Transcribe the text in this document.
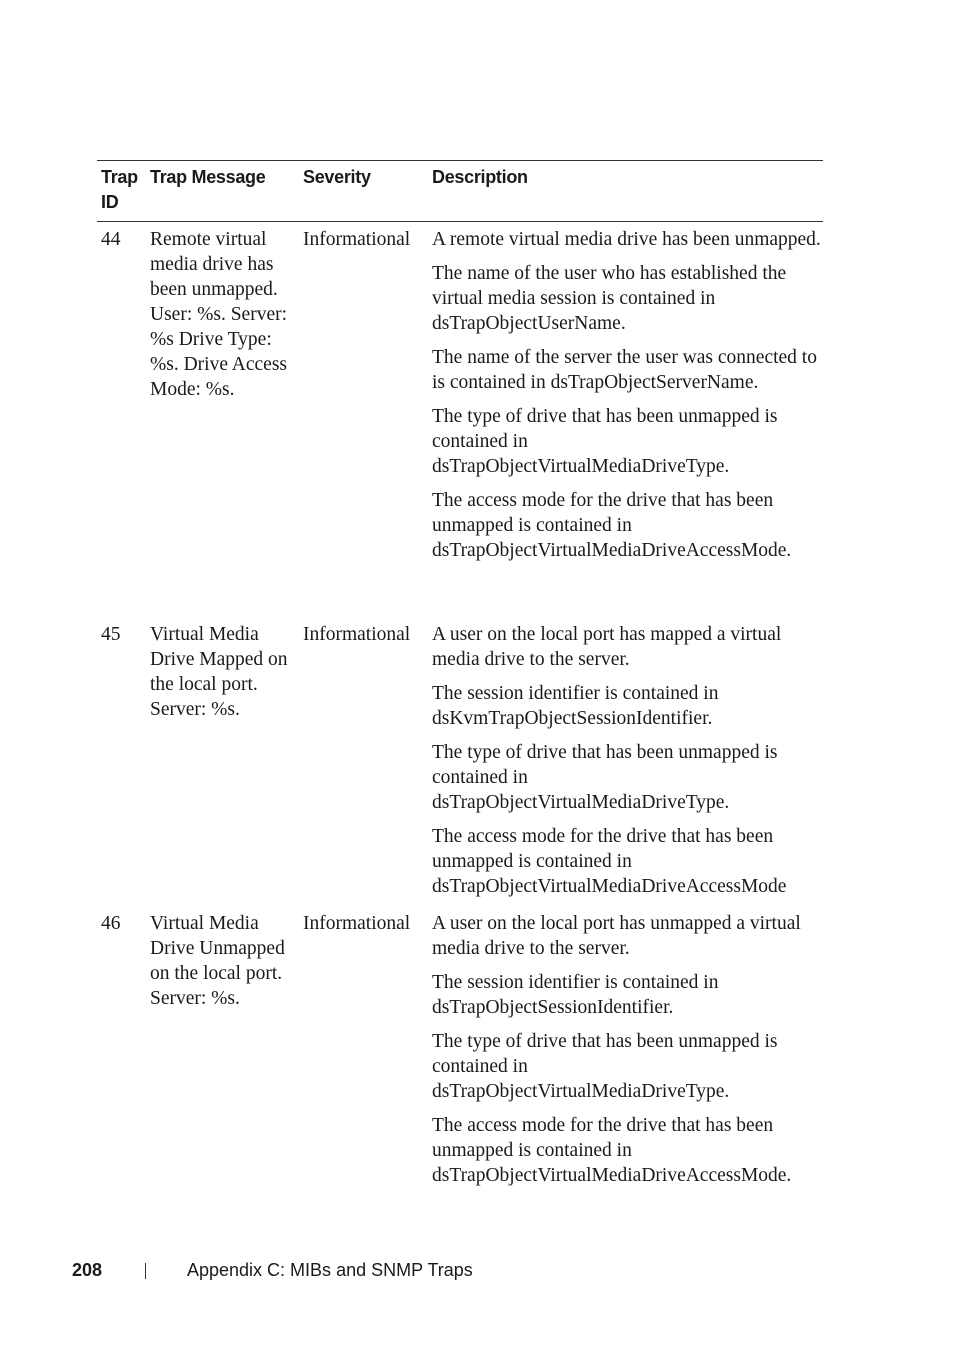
Trap ID
Trap Message Severity	Description
44 Remote virtual media drive has been unmapped. User: %s. Server: %s Drive Type: %s. Drive Access Mode: %s.
Informational A remote virtual media drive has been unmapped.

The name of the user who has established the virtual media session is contained in dsTrapObjectUserName.

The name of the server the user was connected to is contained in dsTrapObjectServerName.

The type of drive that has been unmapped is contained in dsTrapObjectVirtualMediaDriveType.

The access mode for the drive that has been unmapped is contained in dsTrapObjectVirtualMediaDriveAccessMode.

45 Virtual Media Drive Mapped on the local port. Server: %s.
Informational A user on the local port has mapped a virtual media drive to the server.

The session identifier is contained in dsKvmTrapObjectSessionIdentifier.

The type of drive that has been unmapped is contained in dsTrapObjectVirtualMediaDriveType.

The access mode for the drive that has been unmapped is contained in dsTrapObjectVirtualMediaDriveAccessMode

46 Virtual Media Drive Unmapped on the local port. Server: %s.
Informational A user on the local port has unmapped a virtual media drive to the server.

The session identifier is contained in dsTrapObjectSessionIdentifier.

The type of drive that has been unmapped is contained in dsTrapObjectVirtualMediaDriveType.

The access mode for the drive that has been unmapped is contained in dsTrapObjectVirtualMediaDriveAccessMode.

208	Appendix C: MIBs and SNMP Traps
